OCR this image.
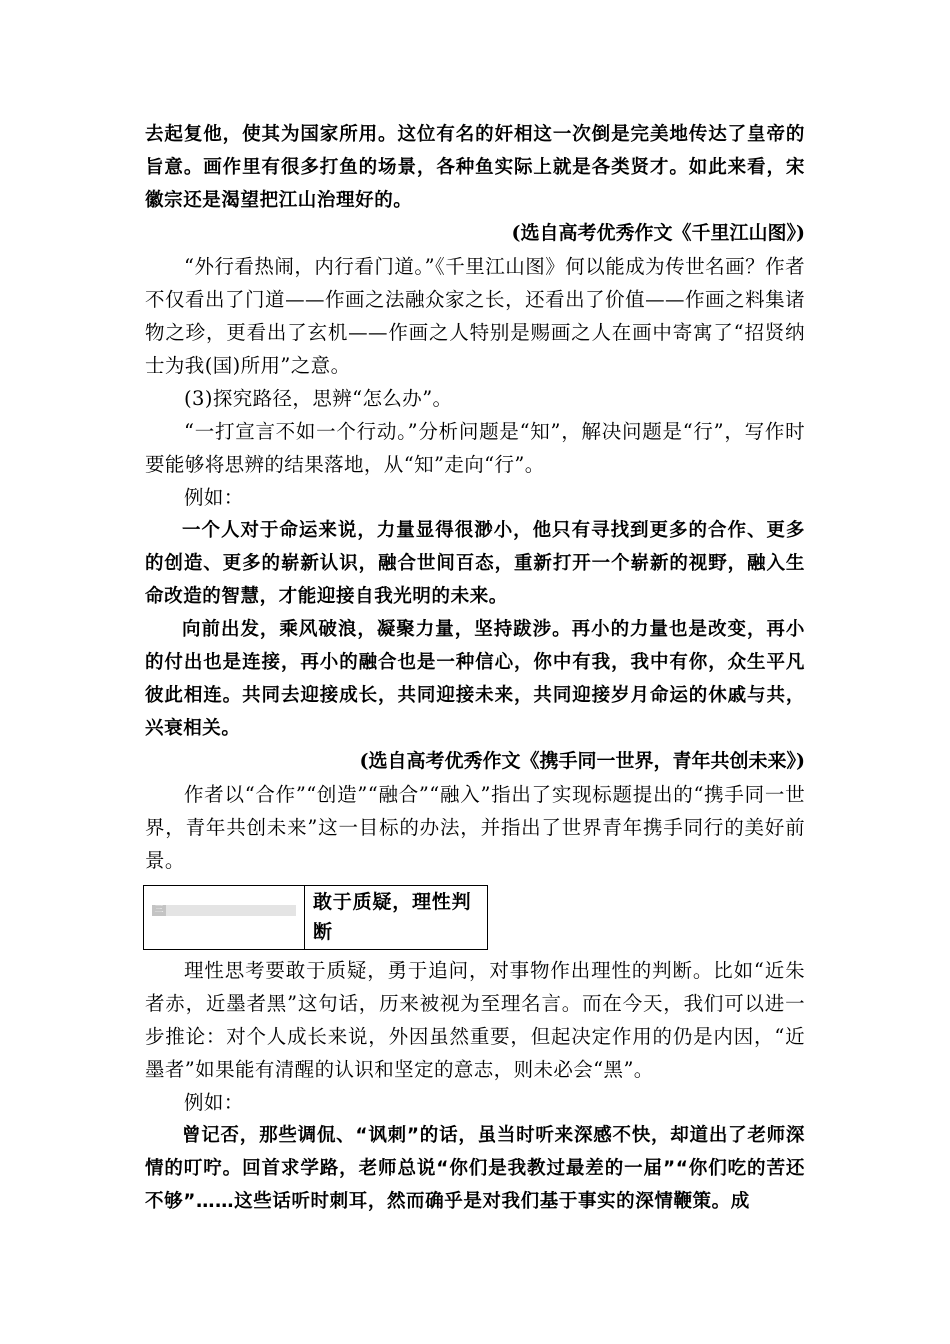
去起复他，使其为国家所用。这位有名的奸相这一次倒是完美地传达了皇帝的旨意。画作里有很多打鱼的场景，各种鱼实际上就是各类贤才。如此来看，宋徽宗还是渴望把江山治理好的。

(选自高考优秀作文《千里江山图》)

“外行看热闹，内行看门道。”《千里江山图》何以能成为传世名画？作者不仅看出了门道——作画之法融众家之长，还看出了价值——作画之料集诸物之珍，更看出了玄机——作画之人特别是赐画之人在画中寄寓了“招贤纳士为我(国)所用”之意。

(3)探究路径，思辨“怎么办”。

“一打宣言不如一个行动。”分析问题是“知”，解决问题是“行”，写作时要能够将思辨的结果落地，从“知”走向“行”。

例如：

一个人对于命运来说，力量显得很渺小，他只有寻找到更多的合作、更多的创造、更多的崭新认识，融合世间百态，重新打开一个崭新的视野，融入生命改造的智慧，才能迎接自我光明的未来。

向前出发，乘风破浪，凝聚力量，坚持跋涉。再小的力量也是改变，再小的付出也是连接，再小的融合也是一种信心，你中有我，我中有你，众生平凡彼此相连。共同去迎接成长，共同迎接未来，共同迎接岁月命运的休戚与共，兴衰相关。

(选自高考优秀作文《携手同一世界，青年共创未来》)

作者以“合作”“创造”“融合”“融入”指出了实现标题提出的“携手同一世界，青年共创未来”这一目标的办法，并指出了世界青年携手同行的美好前景。

三	敢于质疑，理性判断

理性思考要敢于质疑，勇于追问，对事物作出理性的判断。比如“近朱者赤，近墨者黑”这句话，历来被视为至理名言。而在今天，我们可以进一步推论：对个人成长来说，外因虽然重要，但起决定作用的仍是内因，“近墨者”如果能有清醒的认识和坚定的意志，则未必会“黑”。

例如：

曾记否，那些调侃、“讽刺”的话，虽当时听来深感不快，却道出了老师深情的叮咛。回首求学路，老师总说“你们是我教过最差的一届”“你们吃的苦还不够”……这些话听时刺耳，然而确乎是对我们基于事实的深情鞭策。成
